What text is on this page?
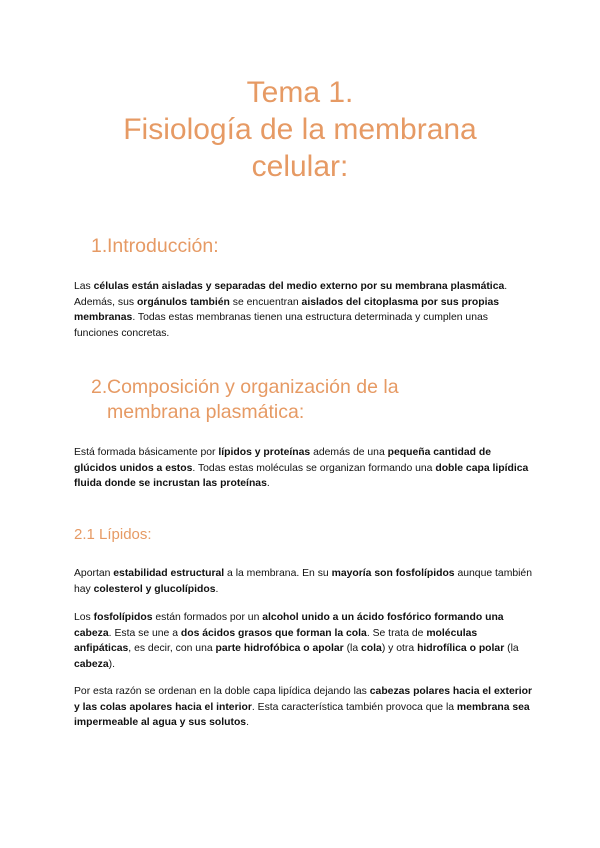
Tema 1.
Fisiología de la membrana
celular:
1. Introducción:
Las células están aisladas y separadas del medio externo por su membrana plasmática. Además, sus orgánulos también se encuentran aislados del citoplasma por sus propias membranas. Todas estas membranas tienen una estructura determinada y cumplen unas funciones concretas.
2. Composición y organización de la
membrana plasmática:
Está formada básicamente por lípidos y proteínas además de una pequeña cantidad de glúcidos unidos a estos. Todas estas moléculas se organizan formando una doble capa lipídica fluida donde se incrustan las proteínas.
2.1 Lípidos:
Aportan estabilidad estructural a la membrana. En su mayoría son fosfolípidos aunque también hay colesterol y glucolípidos.
Los fosfolípidos están formados por un alcohol unido a un ácido fosfórico formando una cabeza. Esta se une a dos ácidos grasos que forman la cola. Se trata de moléculas anfipáticas, es decir, con una parte hidrofóbica o apolar (la cola) y otra hidrofílica o polar (la cabeza).
Por esta razón se ordenan en la doble capa lipídica dejando las cabezas polares hacia el exterior y las colas apolares hacia el interior. Esta característica también provoca que la membrana sea impermeable al agua y sus solutos.
